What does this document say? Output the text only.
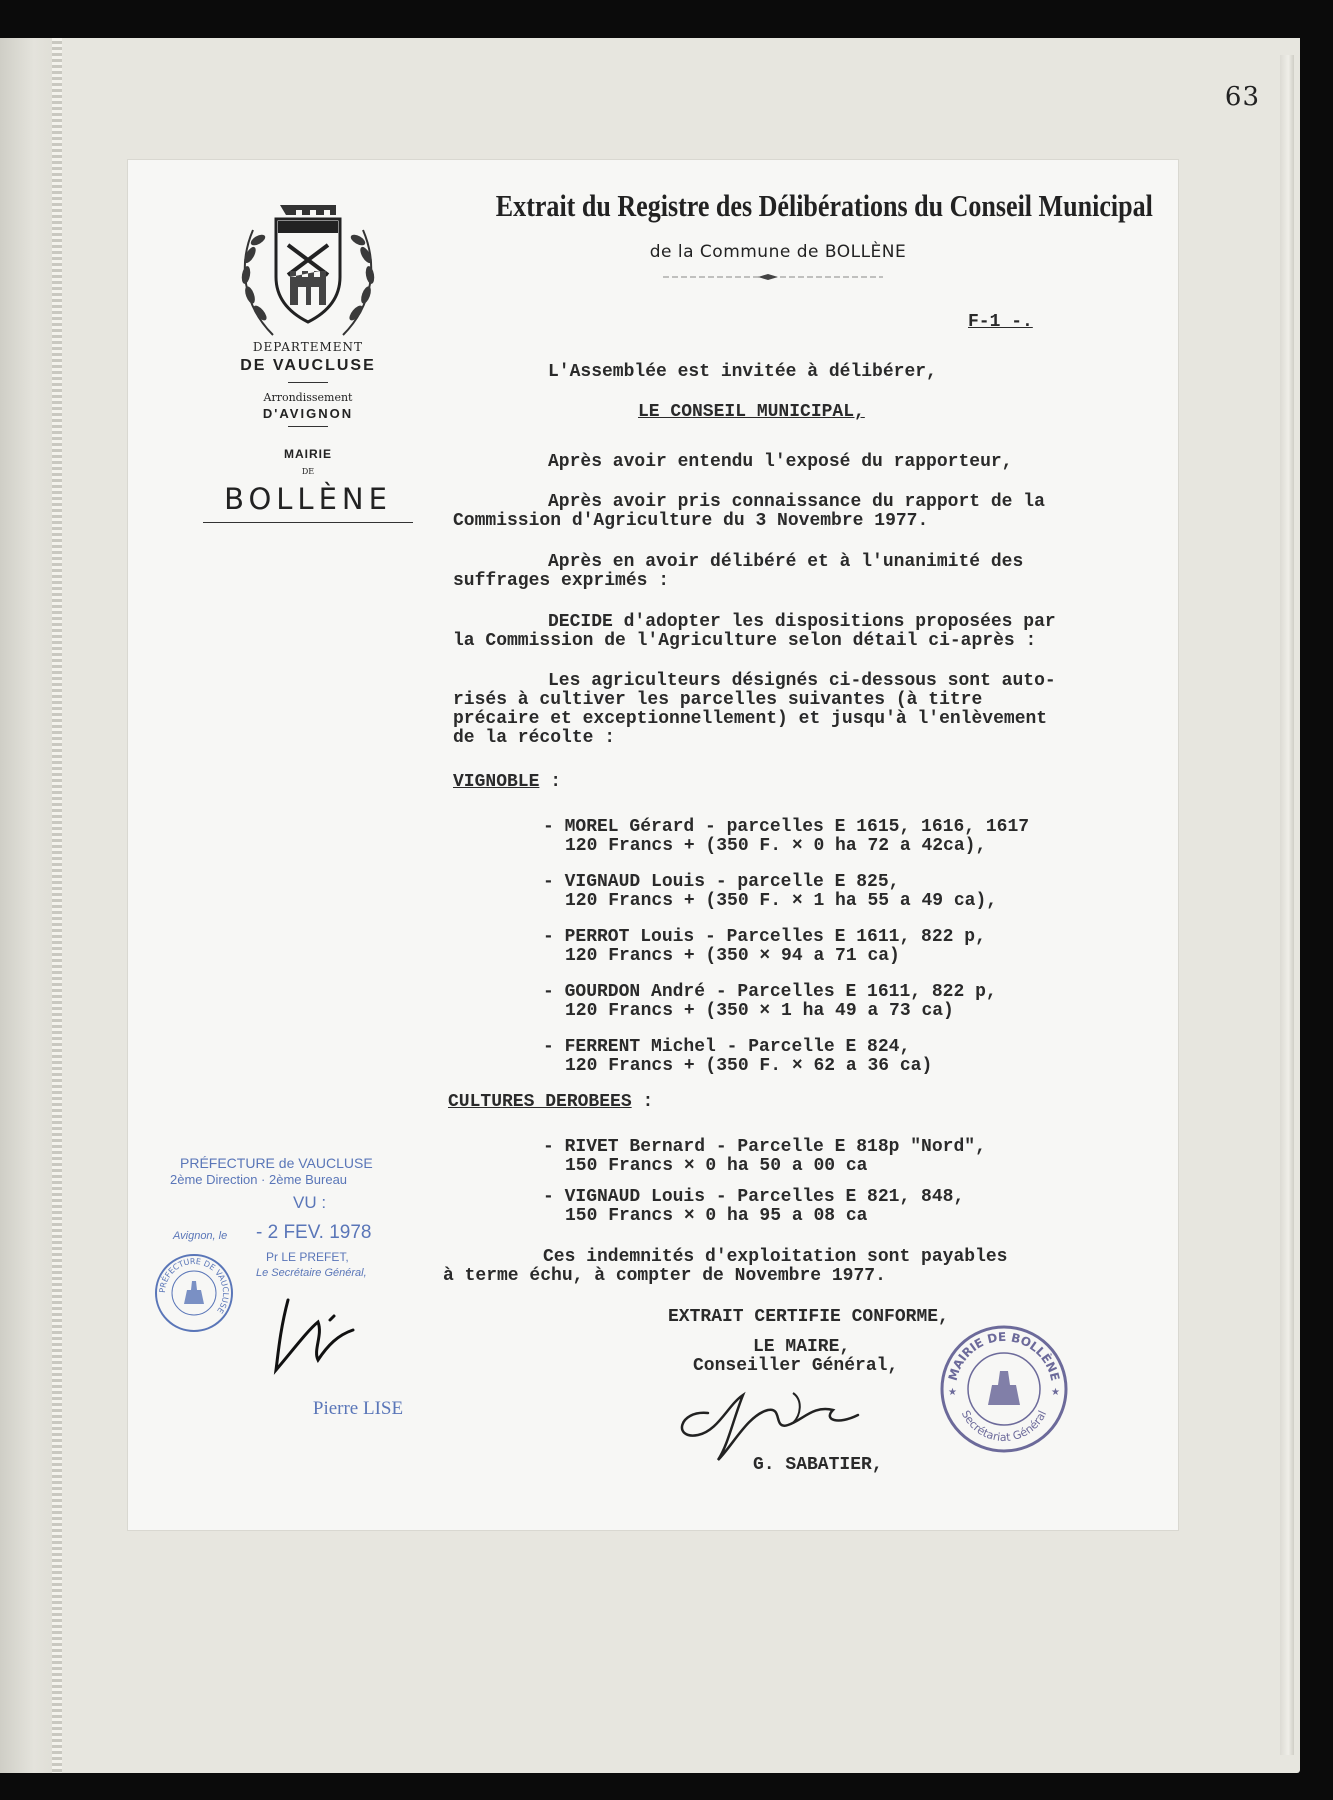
63
DEPARTEMENT
DE VAUCLUSE
Arrondissement
D'AVIGNON
MAIRIE
DE
BOLLÈNE
Extrait du Registre des Délibérations du Conseil Municipal
de la Commune de BOLLÈNE
F-1 -.
L'Assemblée est invitée à délibérer,
LE CONSEIL MUNICIPAL,
Après avoir entendu l'exposé du rapporteur,
Après avoir pris connaissance du rapport de la
Commission d'Agriculture du 3 Novembre 1977.
Après en avoir délibéré et à l'unanimité des
suffrages exprimés :
DECIDE d'adopter les dispositions proposées par
la Commission de l'Agriculture selon détail ci-après :
Les agriculteurs désignés ci-dessous sont auto-
risés à cultiver les parcelles suivantes (à titre
précaire et exceptionnellement) et jusqu'à l'enlèvement
de la récolte :
VIGNOBLE :
- MOREL Gérard - parcelles E 1615, 1616, 1617
120 Francs + (350 F. × 0 ha 72 a 42ca),
- VIGNAUD Louis - parcelle E 825,
120 Francs + (350 F. × 1 ha 55 a 49 ca),
- PERROT Louis - Parcelles E 1611, 822 p,
120 Francs + (350 × 94 a 71 ca)
- GOURDON André - Parcelles E 1611, 822 p,
120 Francs + (350 × 1 ha 49 a 73 ca)
- FERRENT Michel - Parcelle E 824,
120 Francs + (350 F. × 62 a 36 ca)
CULTURES DEROBEES :
- RIVET Bernard - Parcelle E 818p "Nord",
150 Francs × 0 ha 50 a 00 ca
- VIGNAUD Louis - Parcelles E 821, 848,
150 Francs × 0 ha 95 a 08 ca
Ces indemnités d'exploitation sont payables
à terme échu, à compter de Novembre 1977.
EXTRAIT CERTIFIE CONFORME,
LE MAIRE,
Conseiller Général,
G. SABATIER,
MAIRIE DE BOLLÈNE
Secrétariat Général
★	★
PRÉFECTURE de VAUCLUSE
2ème Direction · 2ème Bureau
VU :
Avignon, le - 2 FEV. 1978
Pr LE PREFET,
Le Secrétaire Général,
PRÉFECTURE DE VAUCLUSE
Pierre LISE
